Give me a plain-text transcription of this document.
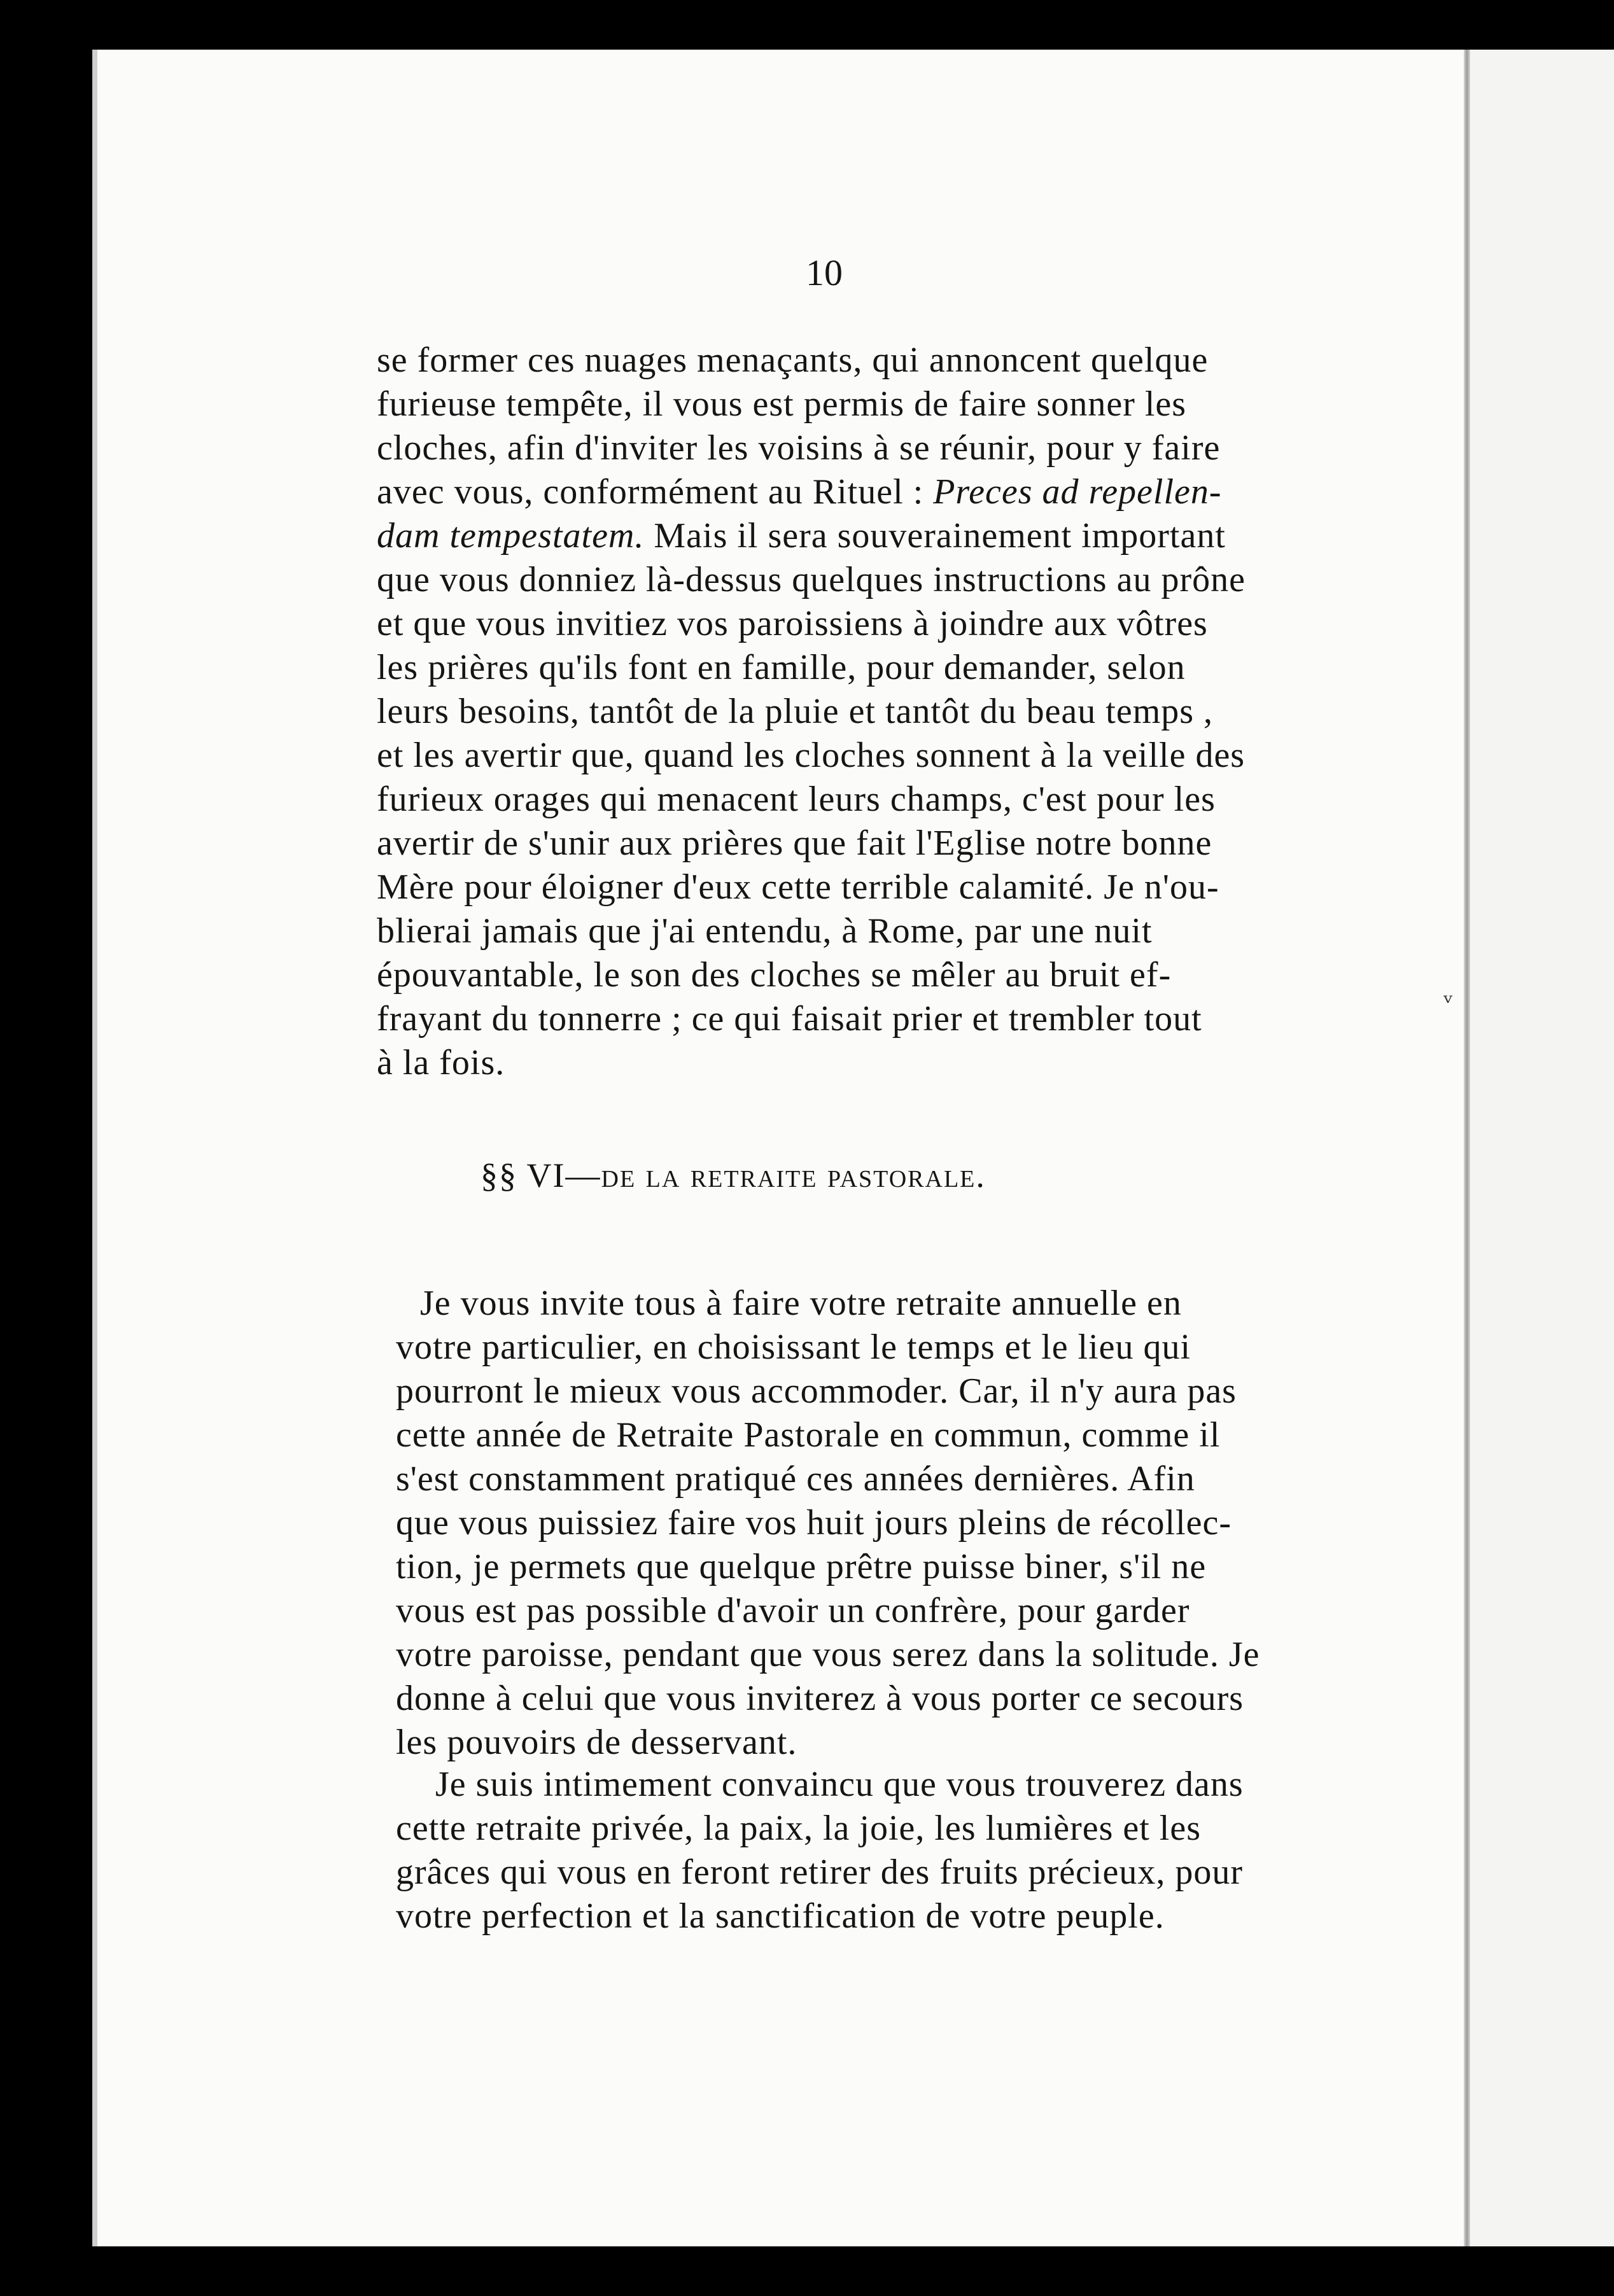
ᵥ
10
se former ces nuages menaçants, qui annoncent quelque
furieuse tempête, il vous est permis de faire sonner les
cloches, afin d'inviter les voisins à se réunir, pour y faire
avec vous, conformément au Rituel : Preces ad repellen-
dam tempestatem. Mais il sera souverainement important
que vous donniez là-dessus quelques instructions au prône
et que vous invitiez vos paroissiens à joindre aux vôtres
les prières qu'ils font en famille, pour demander, selon
leurs besoins, tantôt de la pluie et tantôt du beau temps ,
et les avertir que, quand les cloches sonnent à la veille des
furieux orages qui menacent leurs champs, c'est pour les
avertir de s'unir aux prières que fait l'Eglise notre bonne
Mère pour éloigner d'eux cette terrible calamité. Je n'ou-
blierai jamais que j'ai entendu, à Rome, par une nuit
épouvantable, le son des cloches se mêler au bruit ef-
frayant du tonnerre ; ce qui faisait prier et trembler tout
à la fois.
§§ VI—de la retraite pastorale.
Je vous invite tous à faire votre retraite annuelle en
votre particulier, en choisissant le temps et le lieu qui
pourront le mieux vous accommoder. Car, il n'y aura pas
cette année de Retraite Pastorale en commun, comme il
s'est constamment pratiqué ces années dernières. Afin
que vous puissiez faire vos huit jours pleins de récollec-
tion, je permets que quelque prêtre puisse biner, s'il ne
vous est pas possible d'avoir un confrère, pour garder
votre paroisse, pendant que vous serez dans la solitude. Je
donne à celui que vous inviterez à vous porter ce secours
les pouvoirs de desservant.
Je suis intimement convaincu que vous trouverez dans
cette retraite privée, la paix, la joie, les lumières et les
grâces qui vous en feront retirer des fruits précieux, pour
votre perfection et la sanctification de votre peuple.
